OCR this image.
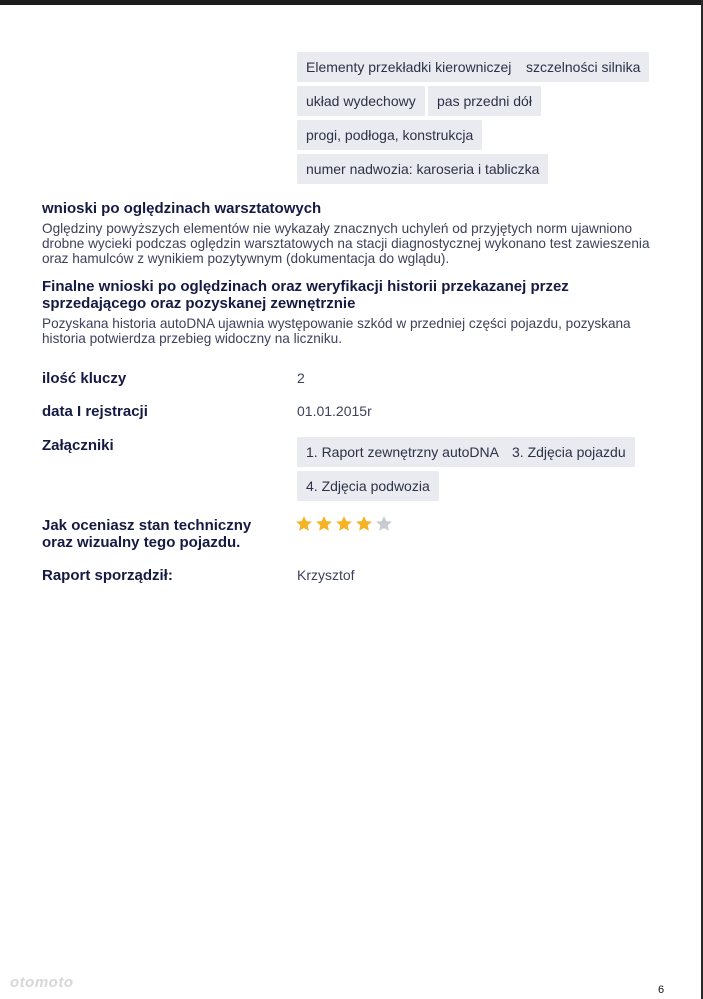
Elementy przekładki kierowniczej	szczelności silnika
układ wydechowy	pas przedni dół
progi, podłoga, konstrukcja
numer nadwozia: karoseria i tabliczka
wnioski po oględzinach warsztatowych
Oględziny powyższych elementów nie wykazały znacznych uchyleń od przyjętych norm ujawniono drobne wycieki podczas oględzin warsztatowych na stacji diagnostycznej wykonano test zawieszenia oraz hamulców z wynikiem pozytywnym (dokumentacja do wglądu).
Finalne wnioski po oględzinach oraz weryfikacji historii przekazanej przez sprzedającego oraz pozyskanej zewnętrznie
Pozyskana historia autoDNA ujawnia występowanie szkód w przedniej części pojazdu, pozyskana historia potwierdza przebieg widoczny na liczniku.
ilość kluczy	2
data I rejstracji	01.01.2015r
Załączniki	1. Raport zewnętrzny autoDNA 3. Zdjęcia pojazdu
4. Zdjęcia podwozia
Jak oceniasz stan techniczny oraz wizualny tego pojazdu.
Raport sporządził:	Krzysztof
otomoto	6
